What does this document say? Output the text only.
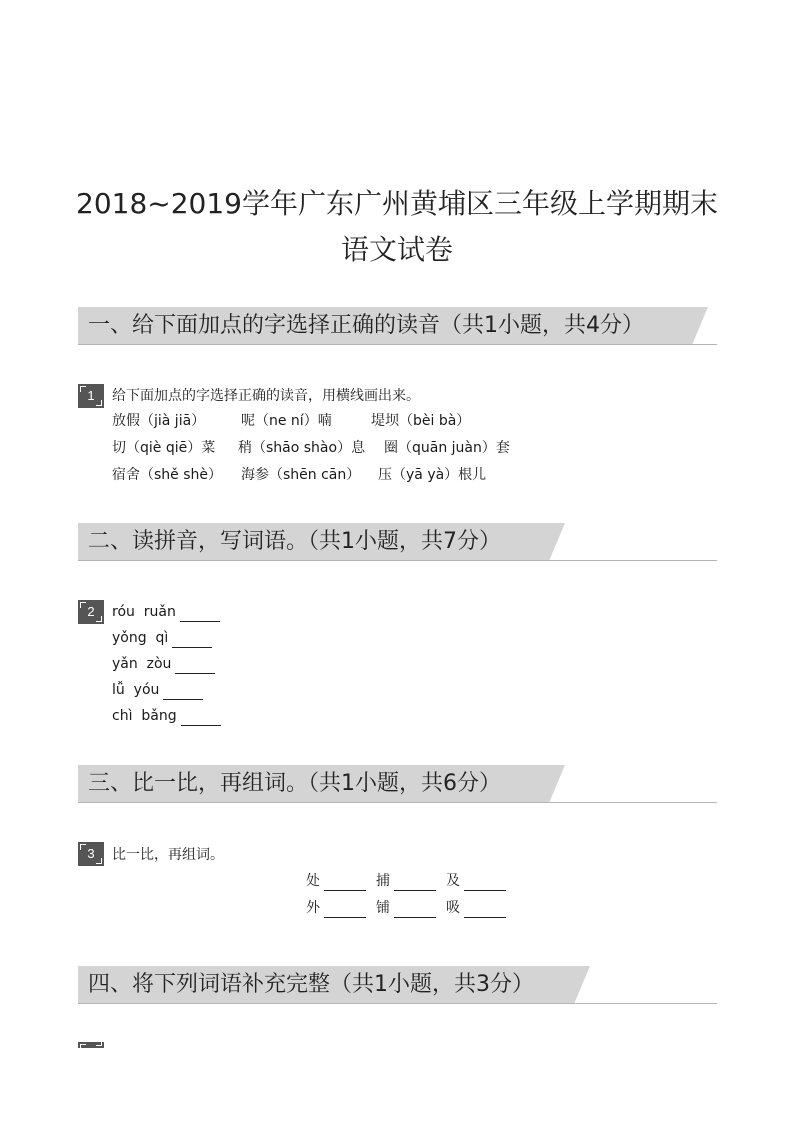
2018~2019学年广东广州黄埔区三年级上学期期末
语文试卷
一、给下面加点的字选择正确的读音（共1小题，共4分）
1	给下面加点的字选择正确的读音，用横线画出来。
放假（jià jiā）	呢（ne ní）喃	堤坝（bèi bà）
切（qiè qiē）菜 稍（shāo shào）息 圈（quān juàn）套
宿舍（shě shè） 海参（shēn cān） 压（yā yà）根儿
二、读拼音，写词语。（共1小题，共7分）
2	róu  ruǎn
yǒng  qì
yǎn  zòu
lǚ  yóu
chì  bǎng
三、比一比，再组词。（共1小题，共6分）
3	比一比，再组词。
处	捕	及
外	铺	吸
四、将下列词语补充完整（共1小题，共3分）
